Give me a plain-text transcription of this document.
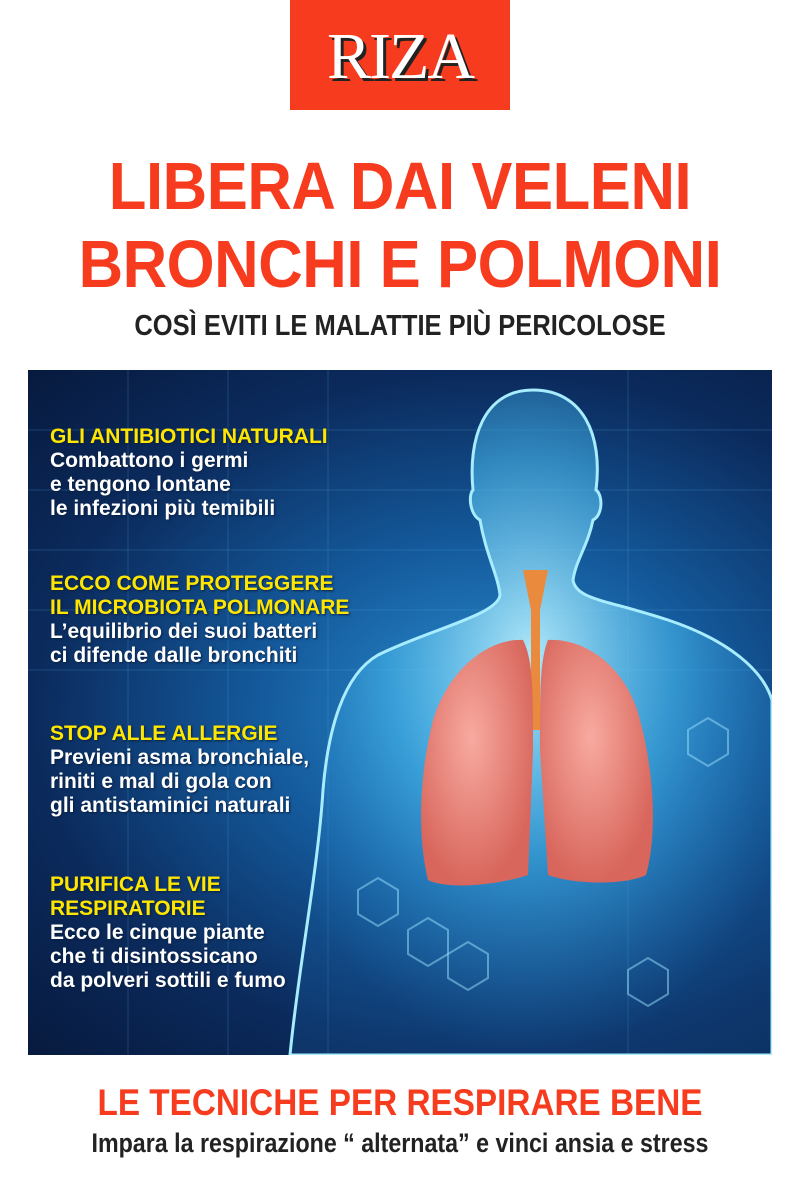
RIZA
LIBERA DAI VELENI
BRONCHI E POLMONI
COSÌ EVITI LE MALATTIE PIÙ PERICOLOSE
GLI ANTIBIOTICI NATURALI
Combattono i germi
e tengono lontane
le infezioni più temibili
ECCO COME PROTEGGERE
IL MICROBIOTA POLMONARE
L’equilibrio dei suoi batteri
ci difende dalle bronchiti
STOP ALLE ALLERGIE
Previeni asma bronchiale,
riniti e mal di gola con
gli antistaminici naturali
PURIFICA LE VIE
RESPIRATORIE
Ecco le cinque piante
che ti disintossicano
da polveri sottili e fumo
LE TECNICHE PER RESPIRARE BENE
Impara la respirazione “ alternata” e vinci ansia e stress
